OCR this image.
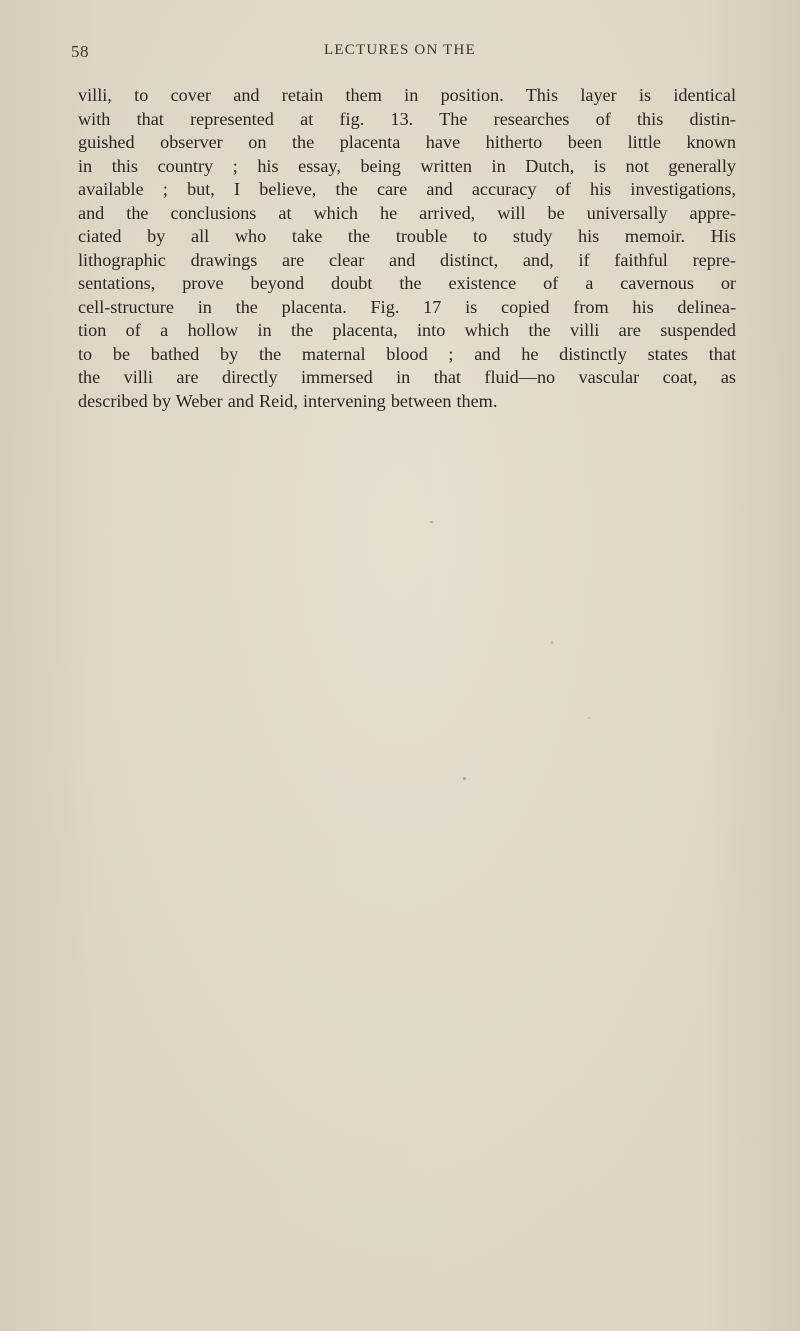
58	LECTURES ON THE
villi, to cover and retain them in position. This layer is identical
with that represented at fig. 13. The researches of this distin-
guished observer on the placenta have hitherto been little known
in this country ; his essay, being written in Dutch, is not generally
available ; but, I believe, the care and accuracy of his investigations,
and the conclusions at which he arrived, will be universally appre-
ciated by all who take the trouble to study his memoir. His
lithographic drawings are clear and distinct, and, if faithful repre-
sentations, prove beyond doubt the existence of a cavernous or
cell-structure in the placenta. Fig. 17 is copied from his delinea-
tion of a hollow in the placenta, into which the villi are suspended
to be bathed by the maternal blood ; and he distinctly states that
the villi are directly immersed in that fluid—no vascular coat, as
described by Weber and Reid, intervening between them.
